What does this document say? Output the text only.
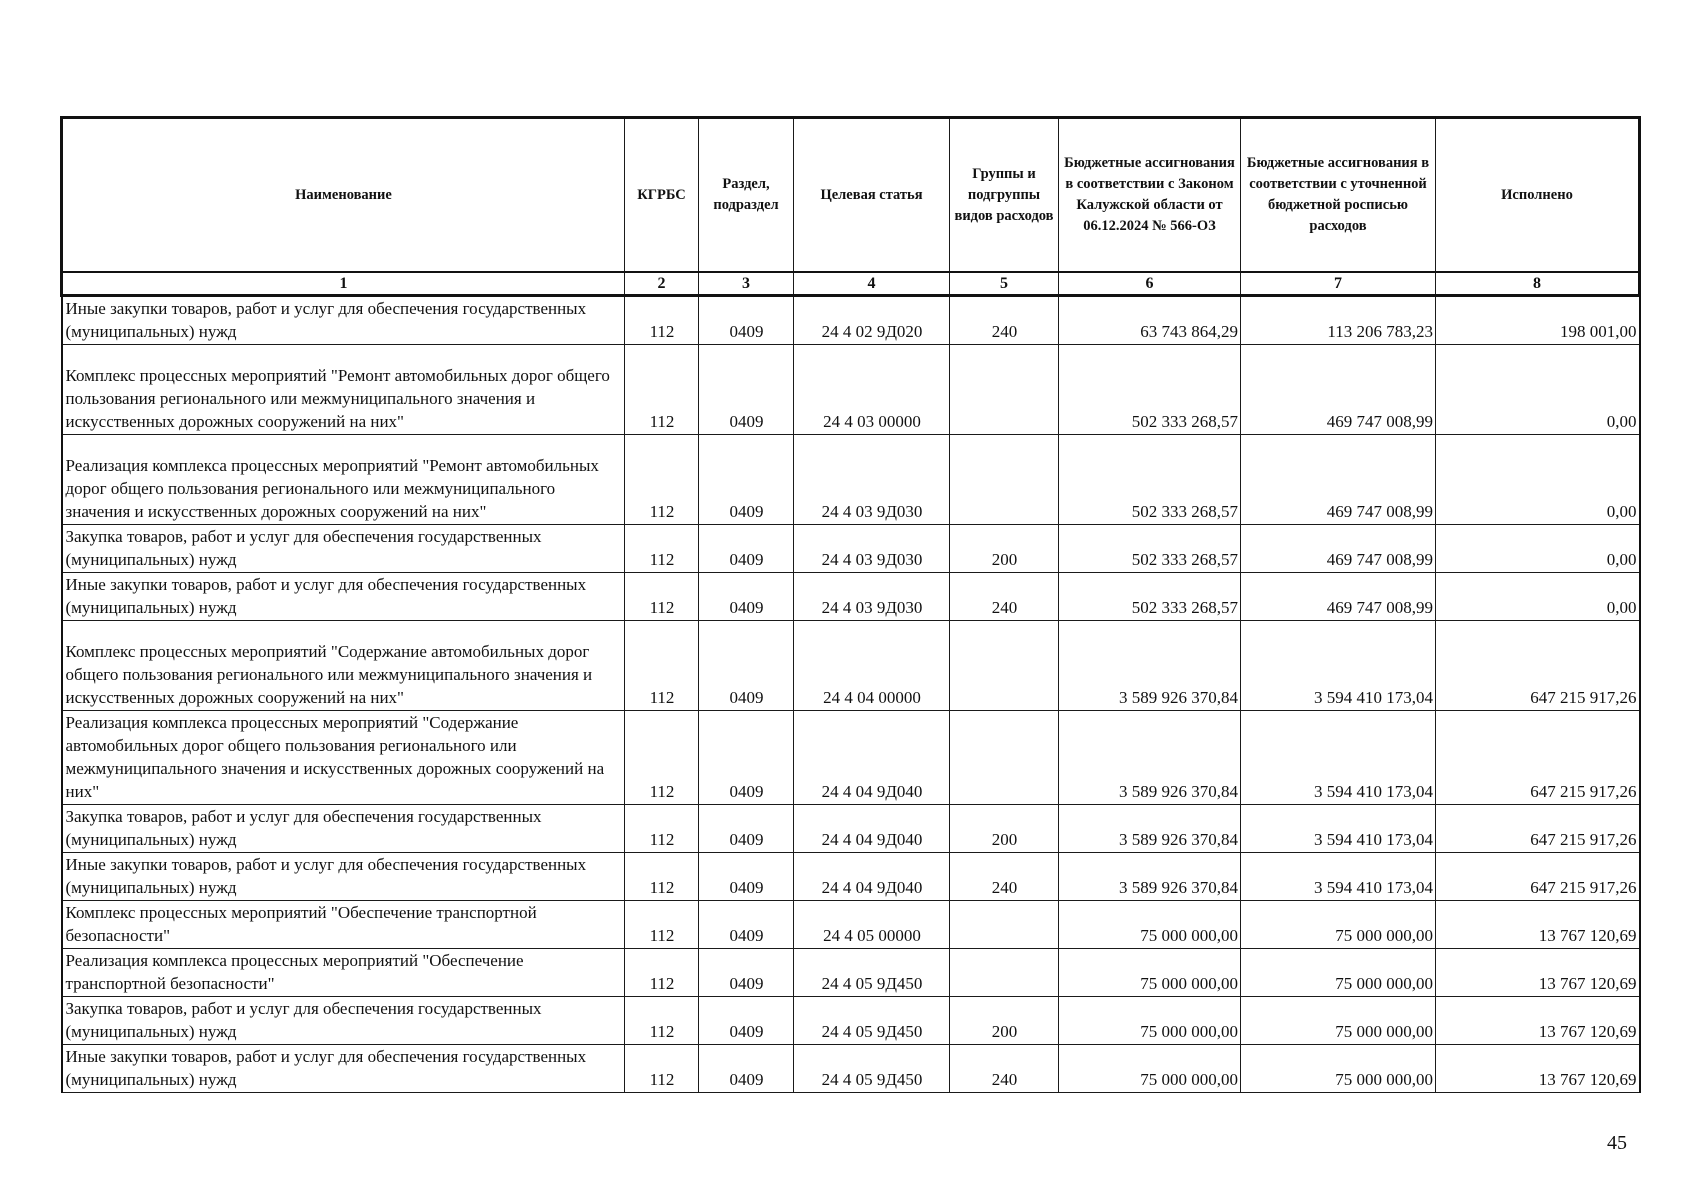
Наименование	КГРБС	Раздел, подраздел	Целевая статья	Группы и подгруппы видов расходов	Бюджетные ассигнования в соответствии с Законом Калужской области от 06.12.2024 № 566-ОЗ	Бюджетные ассигнования в соответствии с уточненной бюджетной росписью расходов	Исполнено
1	2	3	4	5	6	7	8
Иные закупки товаров, работ и услуг для обеспечения государственных (муниципальных) нужд	112	0409	24 4 02 9Д020	240	63 743 864,29	113 206 783,23	198 001,00
Комплекс процессных мероприятий "Ремонт автомобильных дорог общего пользования регионального или межмуниципального значения и искусственных дорожных сооружений на них"	112	0409	24 4 03 00000		502 333 268,57	469 747 008,99	0,00
Реализация комплекса процессных мероприятий "Ремонт автомобильных дорог общего пользования регионального или межмуниципального значения и искусственных дорожных сооружений на них"	112	0409	24 4 03 9Д030		502 333 268,57	469 747 008,99	0,00
Закупка товаров, работ и услуг для обеспечения государственных (муниципальных) нужд	112	0409	24 4 03 9Д030	200	502 333 268,57	469 747 008,99	0,00
Иные закупки товаров, работ и услуг для обеспечения государственных (муниципальных) нужд	112	0409	24 4 03 9Д030	240	502 333 268,57	469 747 008,99	0,00
Комплекс процессных мероприятий "Содержание автомобильных дорог общего пользования регионального или межмуниципального значения и искусственных дорожных сооружений на них"	112	0409	24 4 04 00000		3 589 926 370,84	3 594 410 173,04	647 215 917,26
Реализация комплекса процессных мероприятий "Содержание автомобильных дорог общего пользования регионального или межмуниципального значения и искусственных дорожных сооружений на них"	112	0409	24 4 04 9Д040		3 589 926 370,84	3 594 410 173,04	647 215 917,26
Закупка товаров, работ и услуг для обеспечения государственных (муниципальных) нужд	112	0409	24 4 04 9Д040	200	3 589 926 370,84	3 594 410 173,04	647 215 917,26
Иные закупки товаров, работ и услуг для обеспечения государственных (муниципальных) нужд	112	0409	24 4 04 9Д040	240	3 589 926 370,84	3 594 410 173,04	647 215 917,26
Комплекс процессных мероприятий "Обеспечение транспортной безопасности"	112	0409	24 4 05 00000		75 000 000,00	75 000 000,00	13 767 120,69
Реализация комплекса процессных мероприятий "Обеспечение транспортной безопасности"	112	0409	24 4 05 9Д450		75 000 000,00	75 000 000,00	13 767 120,69
Закупка товаров, работ и услуг для обеспечения государственных (муниципальных) нужд	112	0409	24 4 05 9Д450	200	75 000 000,00	75 000 000,00	13 767 120,69
Иные закупки товаров, работ и услуг для обеспечения государственных (муниципальных) нужд	112	0409	24 4 05 9Д450	240	75 000 000,00	75 000 000,00	13 767 120,69
45
